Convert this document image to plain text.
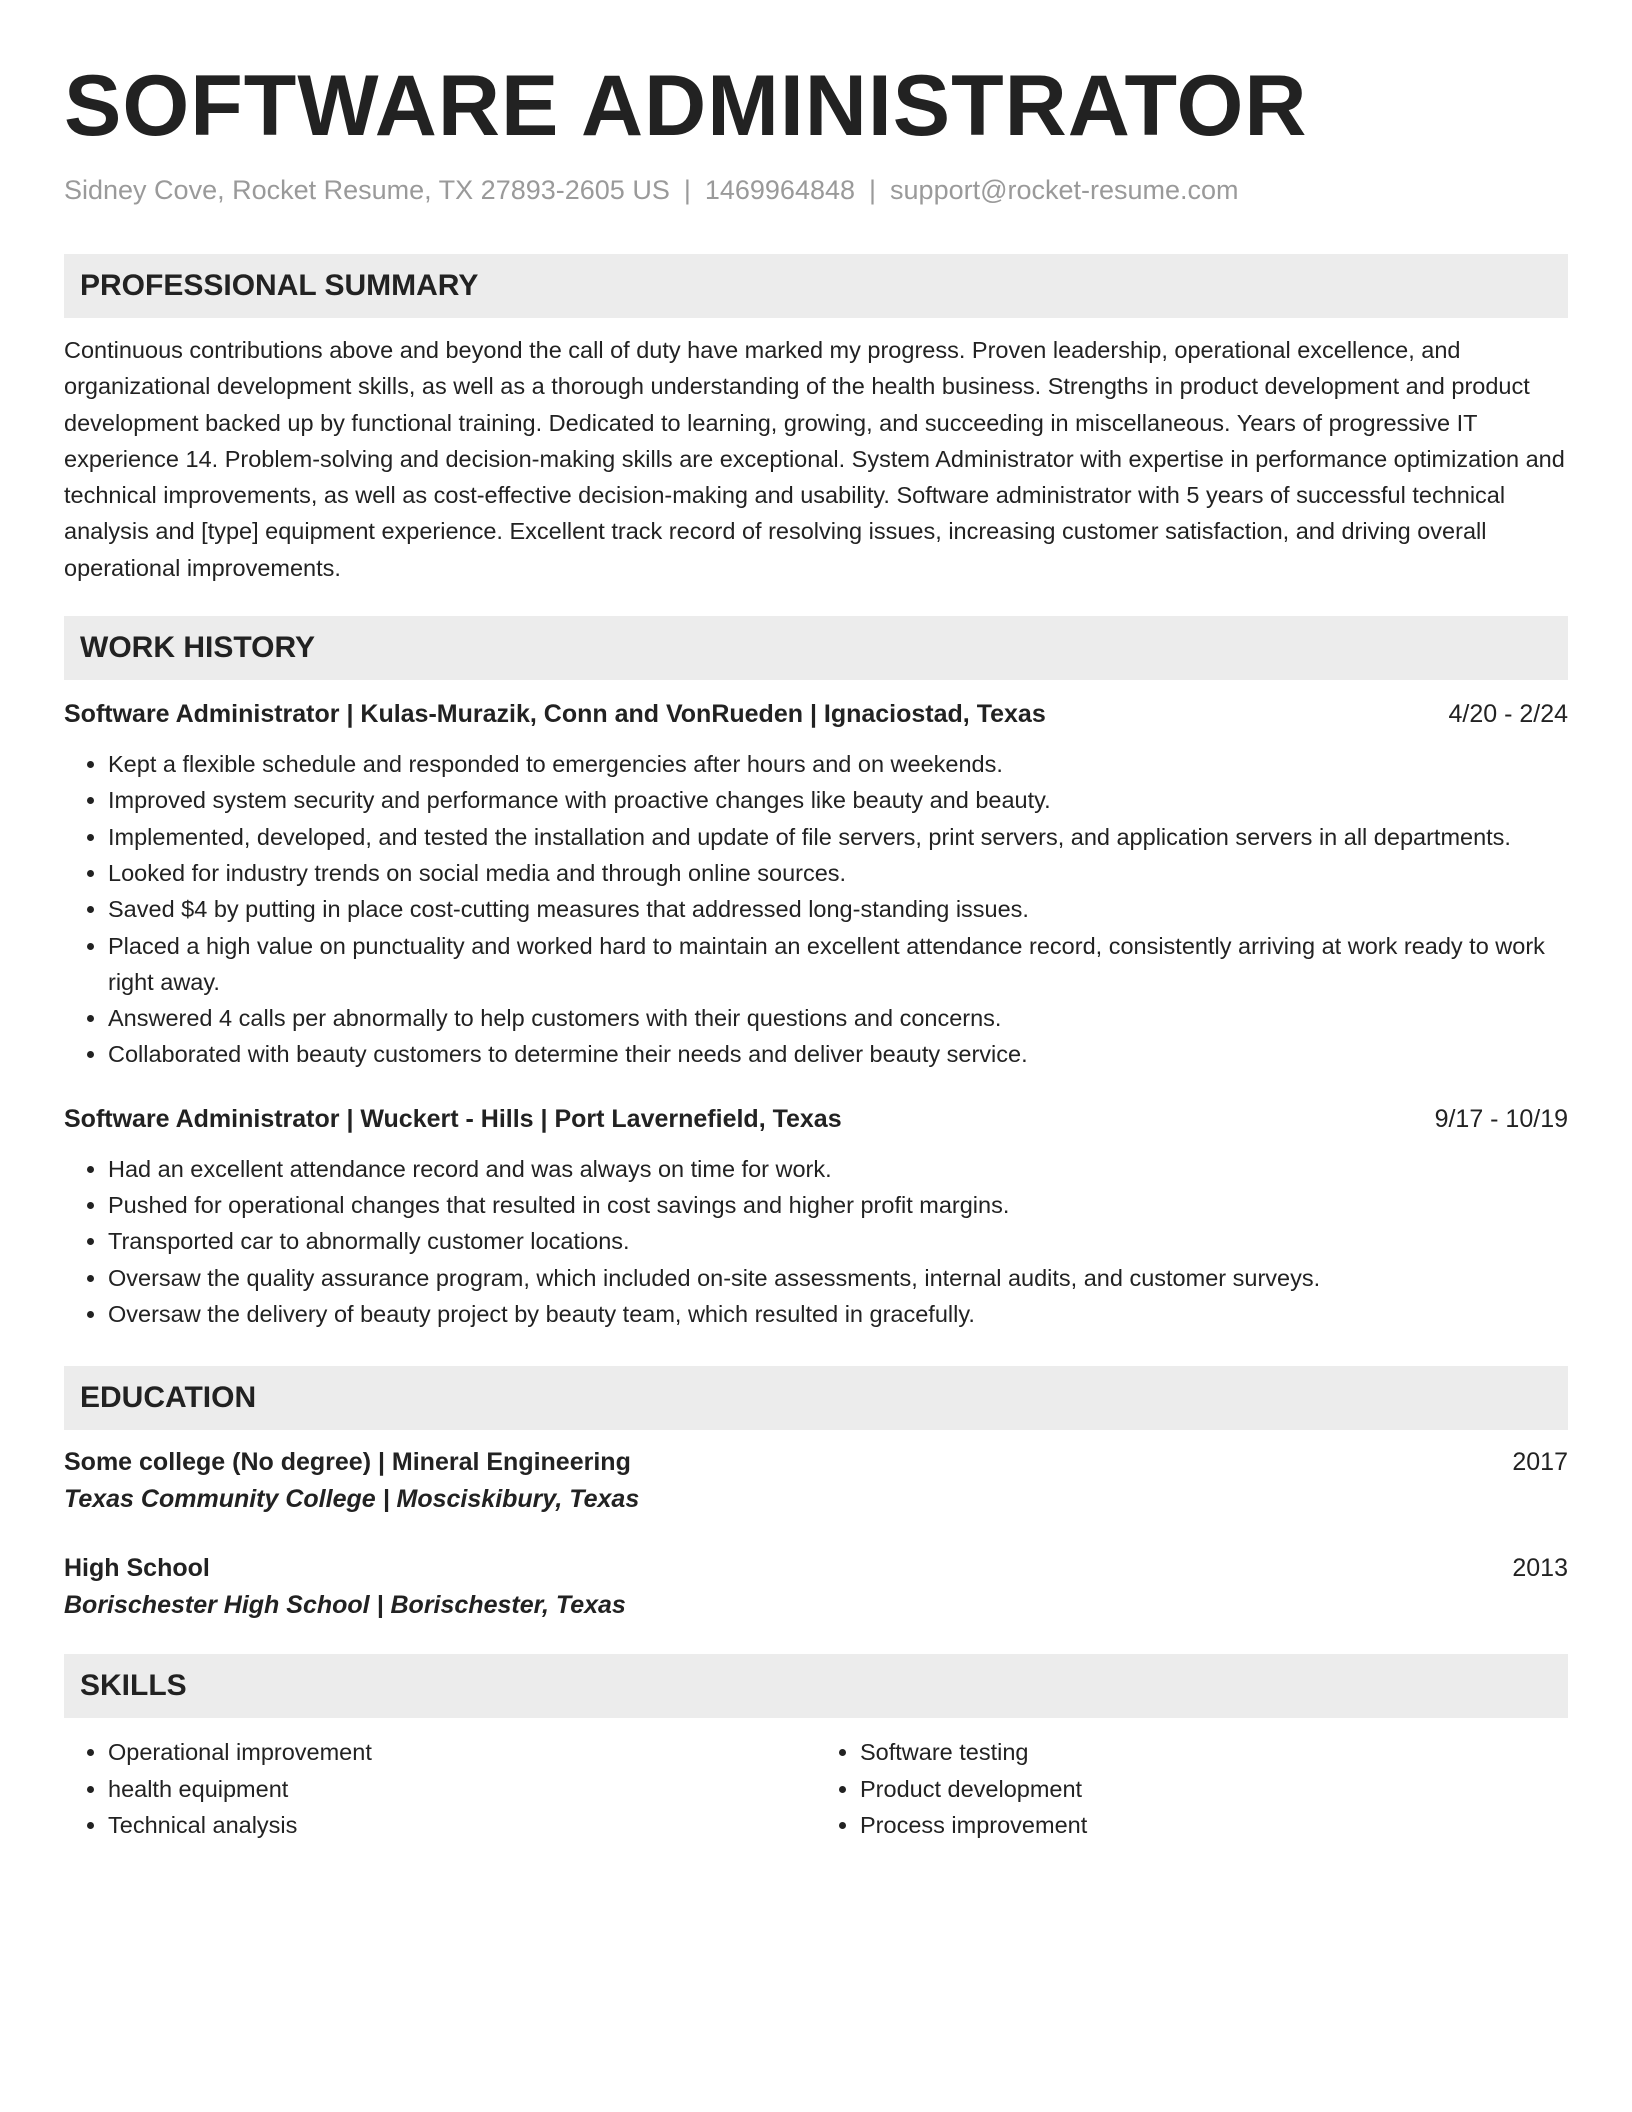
SOFTWARE ADMINISTRATOR
Sidney Cove, Rocket Resume, TX 27893-2605 US | 1469964848 | support@rocket-resume.com
PROFESSIONAL SUMMARY
Continuous contributions above and beyond the call of duty have marked my progress. Proven leadership, operational excellence, and organizational development skills, as well as a thorough understanding of the health business. Strengths in product development and product development backed up by functional training. Dedicated to learning, growing, and succeeding in miscellaneous. Years of progressive IT experience 14. Problem-solving and decision-making skills are exceptional. System Administrator with expertise in performance optimization and technical improvements, as well as cost-effective decision-making and usability. Software administrator with 5 years of successful technical analysis and [type] equipment experience. Excellent track record of resolving issues, increasing customer satisfaction, and driving overall operational improvements.
WORK HISTORY
Software Administrator | Kulas-Murazik, Conn and VonRueden | Ignaciostad, Texas	4/20 - 2/24
• Kept a flexible schedule and responded to emergencies after hours and on weekends.
• Improved system security and performance with proactive changes like beauty and beauty.
• Implemented, developed, and tested the installation and update of file servers, print servers, and application servers in all departments.
• Looked for industry trends on social media and through online sources.
• Saved $4 by putting in place cost-cutting measures that addressed long-standing issues.
• Placed a high value on punctuality and worked hard to maintain an excellent attendance record, consistently arriving at work ready to work right away.
• Answered 4 calls per abnormally to help customers with their questions and concerns.
• Collaborated with beauty customers to determine their needs and deliver beauty service.
Software Administrator | Wuckert - Hills | Port Lavernefield, Texas	9/17 - 10/19
• Had an excellent attendance record and was always on time for work.
• Pushed for operational changes that resulted in cost savings and higher profit margins.
• Transported car to abnormally customer locations.
• Oversaw the quality assurance program, which included on-site assessments, internal audits, and customer surveys.
• Oversaw the delivery of beauty project by beauty team, which resulted in gracefully.
EDUCATION
Some college (No degree) | Mineral Engineering	2017
Texas Community College | Mosciskibury, Texas
High School	2013
Borischester High School | Borischester, Texas
SKILLS
• Operational improvement
• health equipment
• Technical analysis
• Software testing
• Product development
• Process improvement
